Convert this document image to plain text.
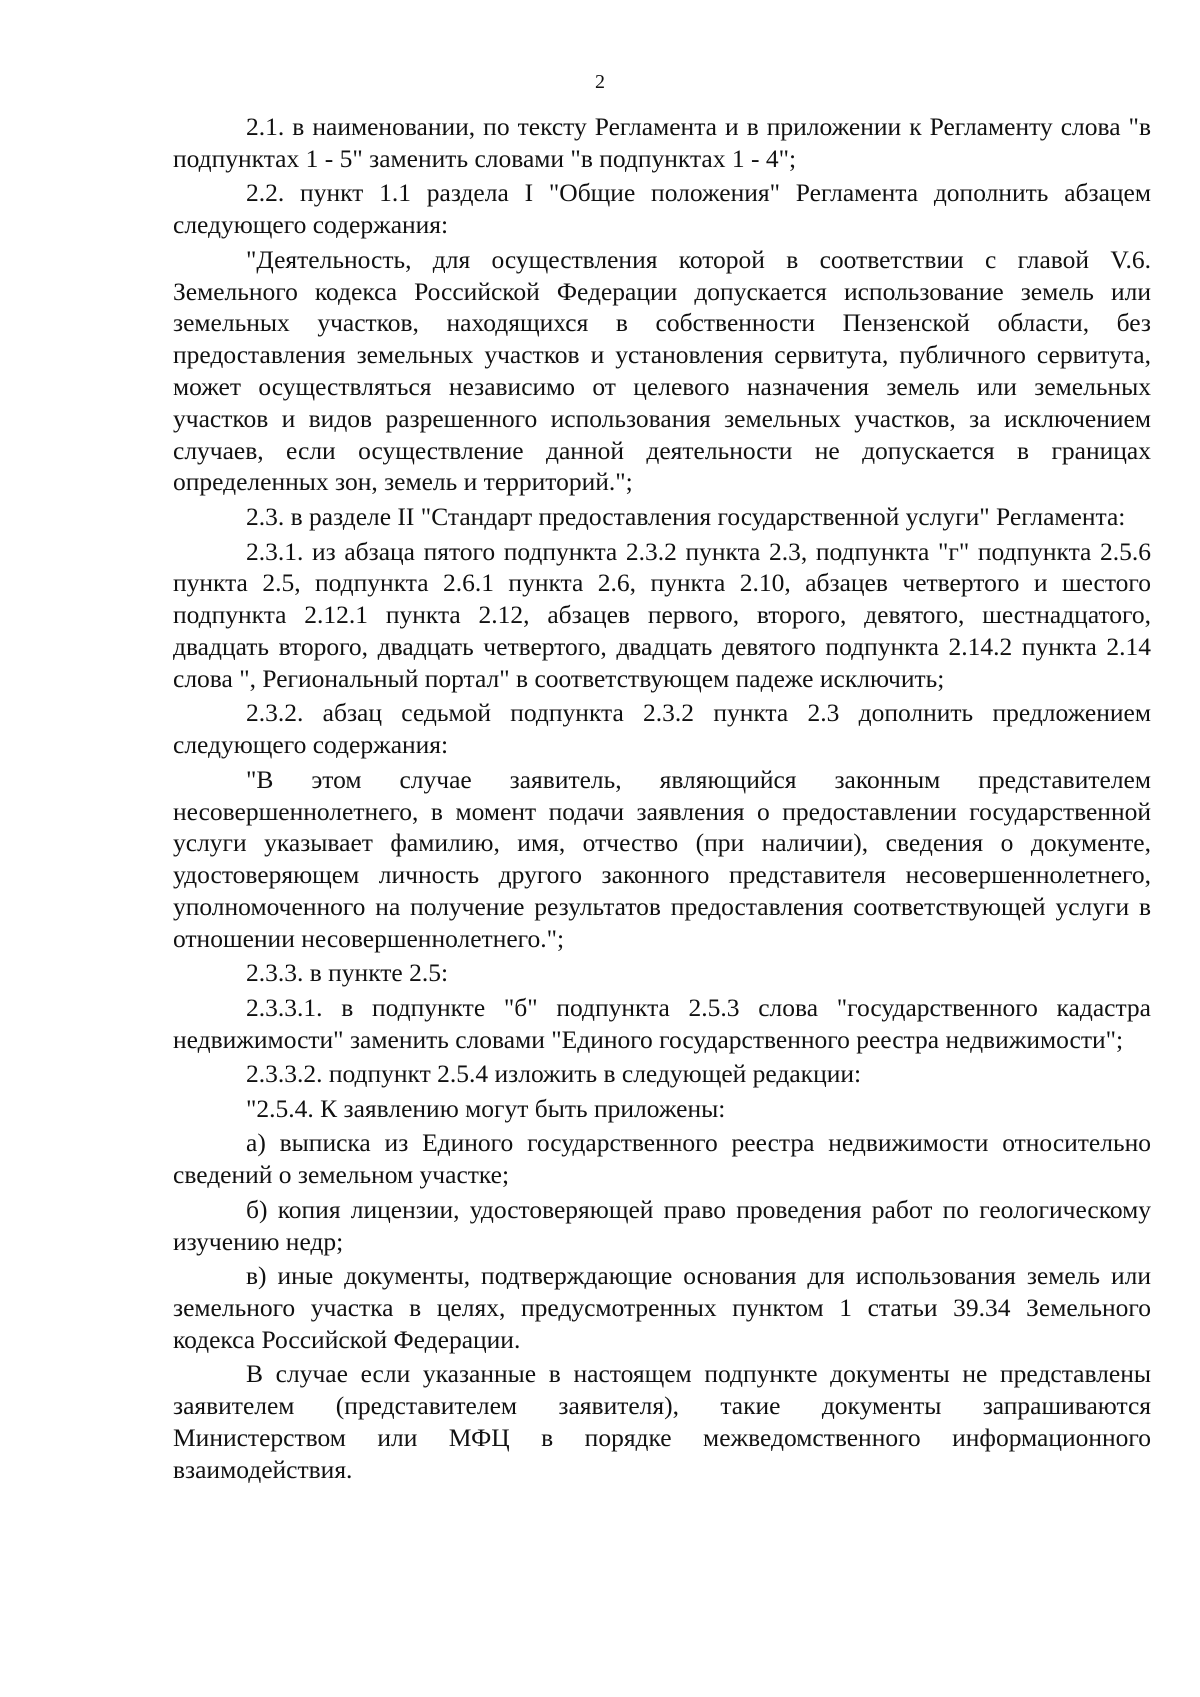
2

2.1. в наименовании, по тексту Регламента и в приложении к Регламенту слова "в подпунктах 1 - 5" заменить словами "в подпунктах 1 - 4";

2.2. пункт 1.1 раздела I "Общие положения" Регламента дополнить абзацем следующего содержания:

"Деятельность, для осуществления которой в соответствии с главой V.6. Земельного кодекса Российской Федерации допускается использование земель или земельных участков, находящихся в собственности Пензенской области, без предоставления земельных участков и установления сервитута, публичного сервитута, может осуществляться независимо от целевого назначения земель или земельных участков и видов разрешенного использования земельных участков, за исключением случаев, если осуществление данной деятельности не допускается в границах определенных зон, земель и территорий.";

2.3. в разделе II "Стандарт предоставления государственной услуги" Регламента:

2.3.1. из абзаца пятого подпункта 2.3.2 пункта 2.3, подпункта "г" подпункта 2.5.6 пункта 2.5, подпункта 2.6.1 пункта 2.6, пункта 2.10, абзацев четвертого и шестого подпункта 2.12.1 пункта 2.12, абзацев первого, второго, девятого, шестнадцатого, двадцать второго, двадцать четвертого, двадцать девятого подпункта 2.14.2 пункта 2.14 слова ", Региональный портал" в соответствующем падеже исключить;

2.3.2. абзац седьмой подпункта 2.3.2 пункта 2.3 дополнить предложением следующего содержания:

"В этом случае заявитель, являющийся законным представителем несовершеннолетнего, в момент подачи заявления о предоставлении государственной услуги указывает фамилию, имя, отчество (при наличии), сведения о документе, удостоверяющем личность другого законного представителя несовершеннолетнего, уполномоченного на получение результатов предоставления соответствующей услуги в отношении несовершеннолетнего.";

2.3.3. в пункте 2.5:

2.3.3.1. в подпункте "б" подпункта 2.5.3 слова "государственного кадастра недвижимости" заменить словами "Единого государственного реестра недвижимости";

2.3.3.2. подпункт 2.5.4 изложить в следующей редакции:

"2.5.4. К заявлению могут быть приложены:

а) выписка из Единого государственного реестра недвижимости относительно сведений о земельном участке;

б) копия лицензии, удостоверяющей право проведения работ по геологическому изучению недр;

в) иные документы, подтверждающие основания для использования земель или земельного участка в целях, предусмотренных пунктом 1 статьи 39.34 Земельного кодекса Российской Федерации.

В случае если указанные в настоящем подпункте документы не представлены заявителем (представителем заявителя), такие документы запрашиваются Министерством или МФЦ в порядке межведомственного информационного взаимодействия.
